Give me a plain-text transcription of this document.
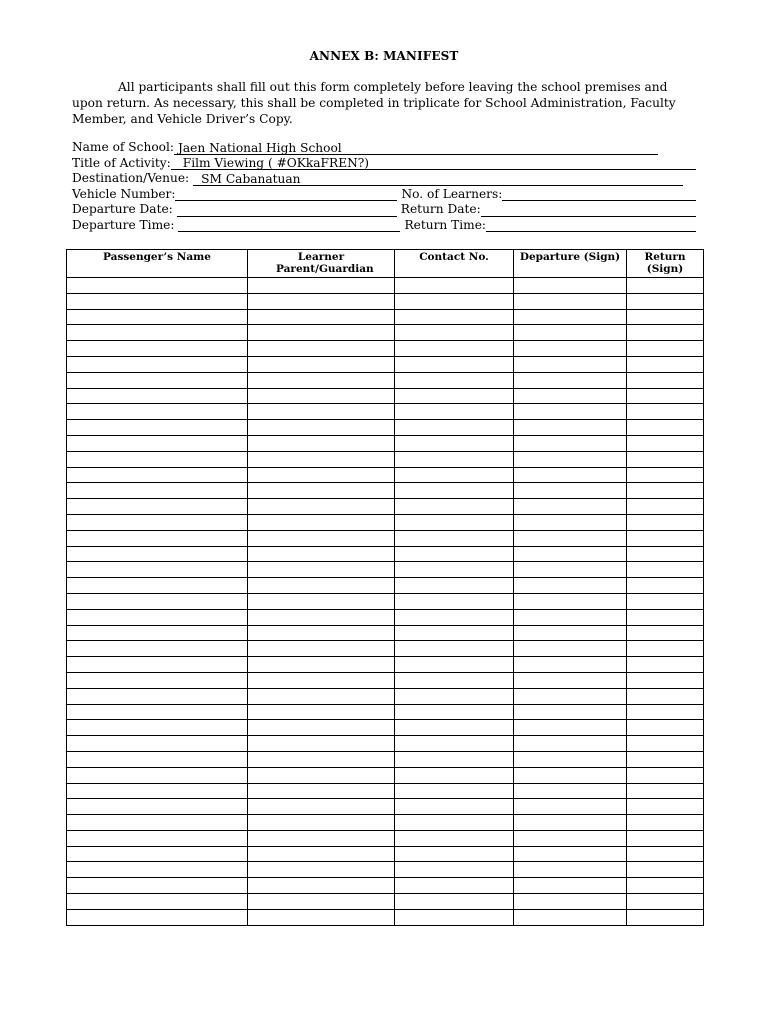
ANNEX B: MANIFEST
All participants shall fill out this form completely before leaving the school premises and upon return. As necessary, this shall be completed in triplicate for School Administration, Faculty Member, and Vehicle Driver’s Copy.
Name of School: Jaen National High School
Title of Activity: Film Viewing ( #OKkaFREN?)
Destination/Venue: SM Cabanatuan
Vehicle Number:	No. of Learners:
Departure Date:	Return Date:
Departure Time:	Return Time:
Passenger’s Name	Learner Parent/Guardian	Contact No.	Departure (Sign)	Return (Sign)
